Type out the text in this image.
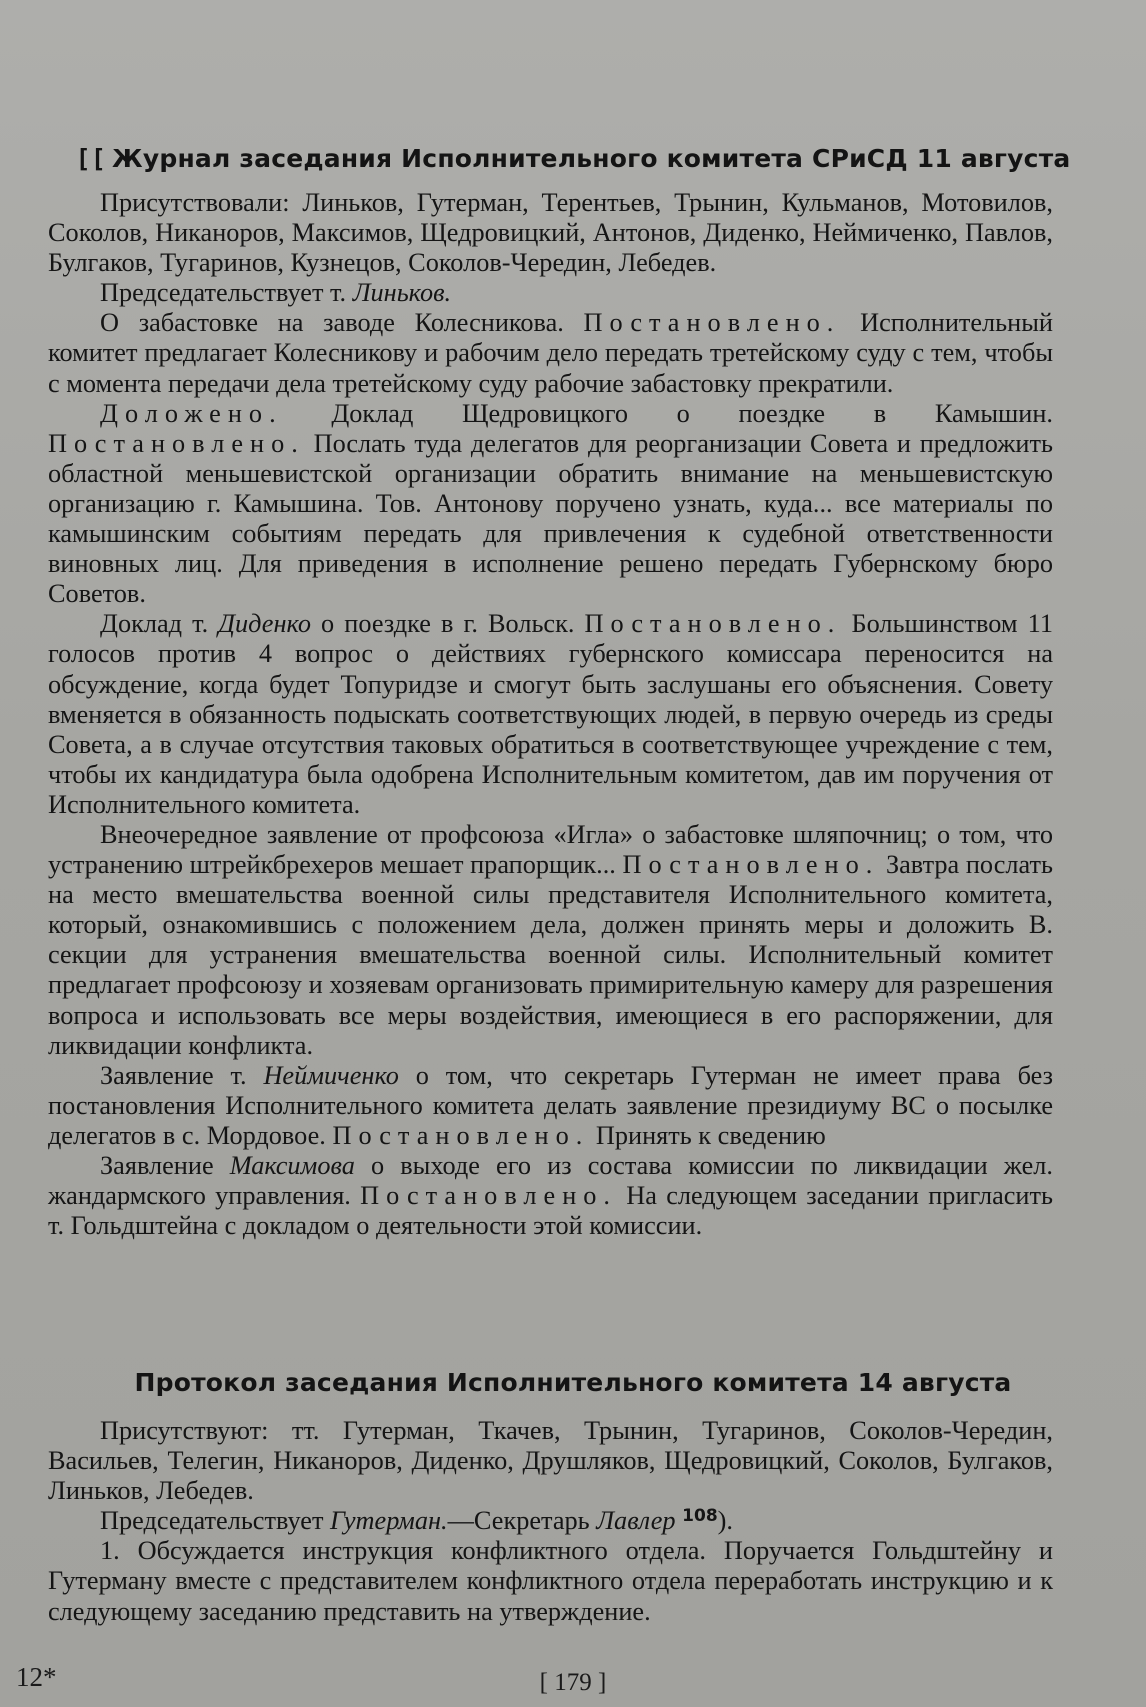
[[ Журнал заседания Исполнительного комитета СРиСД 11 августа

Присутствовали: Линьков, Гутерман, Терентьев, Трынин, Кульманов, Мотовилов, Соколов, Никаноров, Максимов, Щедровицкий, Антонов, Диденко, Неймиченко, Павлов, Булгаков, Тугаринов, Кузнецов, Соколов-Чередин, Лебедев.

Председательствует т. Линьков.

О забастовке на заводе Колесникова. Постановлено. Исполнительный комитет предлагает Колесникову и рабочим дело передать третейскому суду с тем, чтобы с момента передачи дела третейскому суду рабочие забастовку прекратили.

Доложено. Доклад Щедровицкого о поездке в Камышин. Постановлено. Послать туда делегатов для реорганизации Совета и предложить областной меньшевистской организации обратить внимание на меньшевистскую организацию г. Камышина. Тов. Антонову поручено узнать, куда... все материалы по камышинским событиям передать для привлечения к судебной ответственности виновных лиц. Для приведения в исполнение решено передать Губернскому бюро Советов.

Доклад т. Диденко о поездке в г. Вольск. Постановлено. Большинством 11 голосов против 4 вопрос о действиях губернского комиссара переносится на обсуждение, когда будет Топуридзе и смогут быть заслушаны его объяснения. Совету вменяется в обязанность подыскать соответствующих людей, в первую очередь из среды Совета, а в случае отсутствия таковых обратиться в соответствующее учреждение с тем, чтобы их кандидатура была одобрена Исполнительным комитетом, дав им поручения от Исполнительного комитета.

Внеочередное заявление от профсоюза «Игла» о забастовке шляпочниц; о том, что устранению штрейкбрехеров мешает прапорщик... Постановлено. Завтра послать на место вмешательства военной силы представителя Исполнительного комитета, который, ознакомившись с положением дела, должен принять меры и доложить В. секции для устранения вмешательства военной силы. Исполнительный комитет предлагает профсоюзу и хозяевам организовать примирительную камеру для разрешения вопроса и использовать все меры воздействия, имеющиеся в его распоряжении, для ликвидации конфликта.

Заявление т. Неймиченко о том, что секретарь Гутерман не имеет права без постановления Исполнительного комитета делать заявление президиуму ВС о посылке делегатов в с. Мордовое. Постановлено. Принять к сведению

Заявление Максимова о выходе его из состава комиссии по ликвидации жел. жандармского управления. Постановлено. На следующем заседании пригласить т. Гольдштейна с докладом о деятельности этой комиссии.

Протокол заседания Исполнительного комитета 14 августа

Присутствуют: тт. Гутерман, Ткачев, Трынин, Тугаринов, Соколов-Чередин, Васильев, Телегин, Никаноров, Диденко, Друшляков, Щедровицкий, Соколов, Булгаков, Линьков, Лебедев.

Председательствует Гутерман.—Секретарь Лавлер $^{108}$).

1. Обсуждается инструкция конфликтного отдела. Поручается Гольдштейну и Гутерману вместе с представителем конфликтного отдела переработать инструкцию и к следующему заседанию представить на утверждение.

12*	[ 179 ]
